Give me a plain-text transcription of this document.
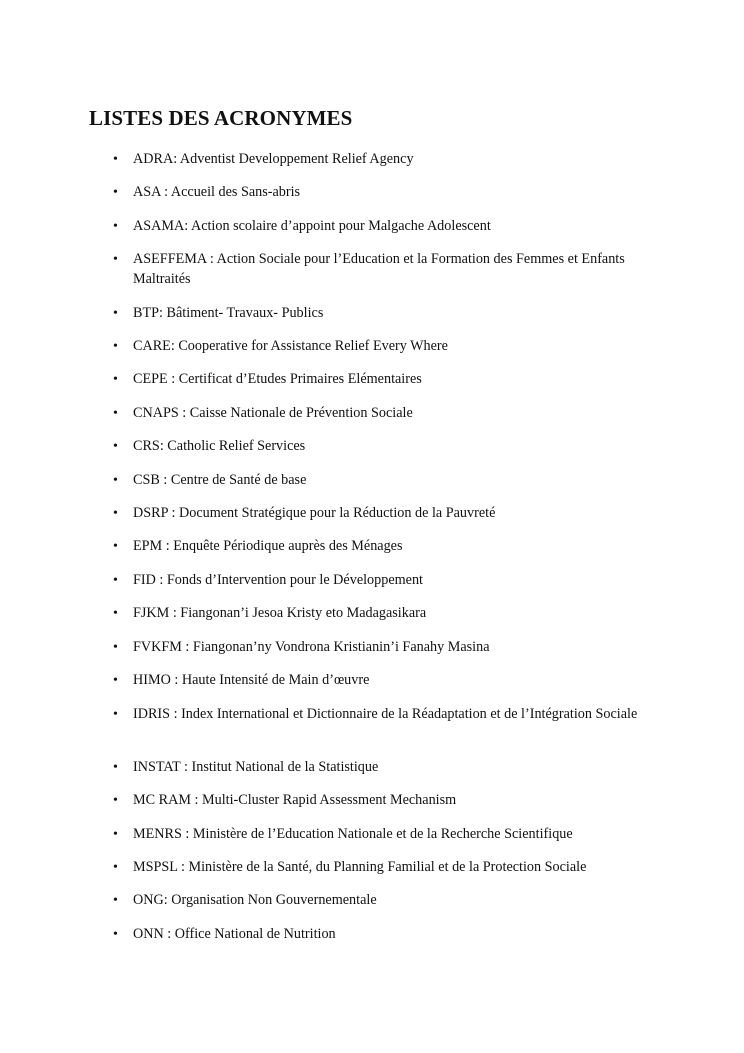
LISTES DES ACRONYMES
• ADRA: Adventist Developpement Relief Agency
• ASA : Accueil des Sans-abris
• ASAMA: Action scolaire d’appoint pour Malgache Adolescent
• ASEFFEMA : Action Sociale pour l’Education et la Formation des Femmes et Enfants Maltraités
• BTP: Bâtiment- Travaux- Publics
• CARE: Cooperative for Assistance Relief Every Where
• CEPE : Certificat d’Etudes Primaires Elémentaires
• CNAPS : Caisse Nationale de Prévention Sociale
• CRS: Catholic Relief Services
• CSB : Centre de Santé de base
• DSRP : Document Stratégique pour la Réduction de la Pauvreté
• EPM : Enquête Périodique auprès des Ménages
• FID : Fonds d’Intervention pour le Développement
• FJKM : Fiangonan’i Jesoa Kristy eto Madagasikara
• FVKFM : Fiangonan’ny Vondrona Kristianin’i Fanahy Masina
• HIMO : Haute Intensité de Main d’œuvre
• IDRIS : Index International et Dictionnaire de la Réadaptation et de l’Intégration Sociale
• INSTAT : Institut National de la Statistique
• MC RAM : Multi-Cluster Rapid Assessment Mechanism
• MENRS : Ministère de l’Education Nationale et de la Recherche Scientifique
• MSPSL : Ministère de la Santé, du Planning Familial et de la Protection Sociale
• ONG: Organisation Non Gouvernementale
• ONN : Office National de Nutrition
